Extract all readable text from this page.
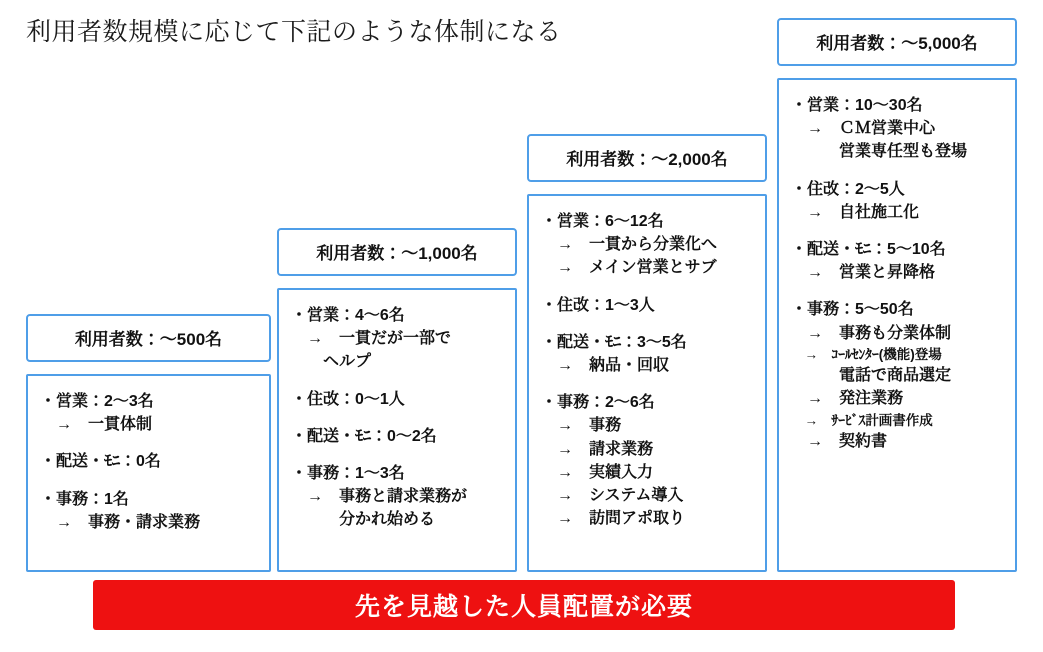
利用者数規模に応じて下記のような体制になる
利用者数：〜500名
・営業：2〜3名
　→　一貫体制
・配送・ﾓﾆ：0名
・事務：1名
　→　事務・請求業務
利用者数：〜1,000名
・営業：4〜6名
　→　一貫だが一部で
　　ヘルプ
・住改：0〜1人
・配送・ﾓﾆ：0〜2名
・事務：1〜3名
　→　事務と請求業務が
　　　分かれ始める
利用者数：〜2,000名
・営業：6〜12名
　→　一貫から分業化へ
　→　メイン営業とサブ
・住改：1〜3人
・配送・ﾓﾆ：3〜5名
　→　納品・回収
・事務：2〜6名
　→　事務
　→　請求業務
　→　実績入力
　→　システム導入
　→　訪問アポ取り
利用者数：〜5,000名
・営業：10〜30名
　→　ＣＭ営業中心
　　　営業専任型も登場
・住改：2〜5人
　→　自社施工化
・配送・ﾓﾆ：5〜10名
　→　営業と昇降格
・事務：5〜50名
　→　事務も分業体制
　→　ｺｰﾙｾﾝﾀｰ(機能)登場
　　　電話で商品選定
　→　発注業務
　→　ｻｰﾋﾞｽ計画書作成
　→　契約書
先を見越した人員配置が必要
